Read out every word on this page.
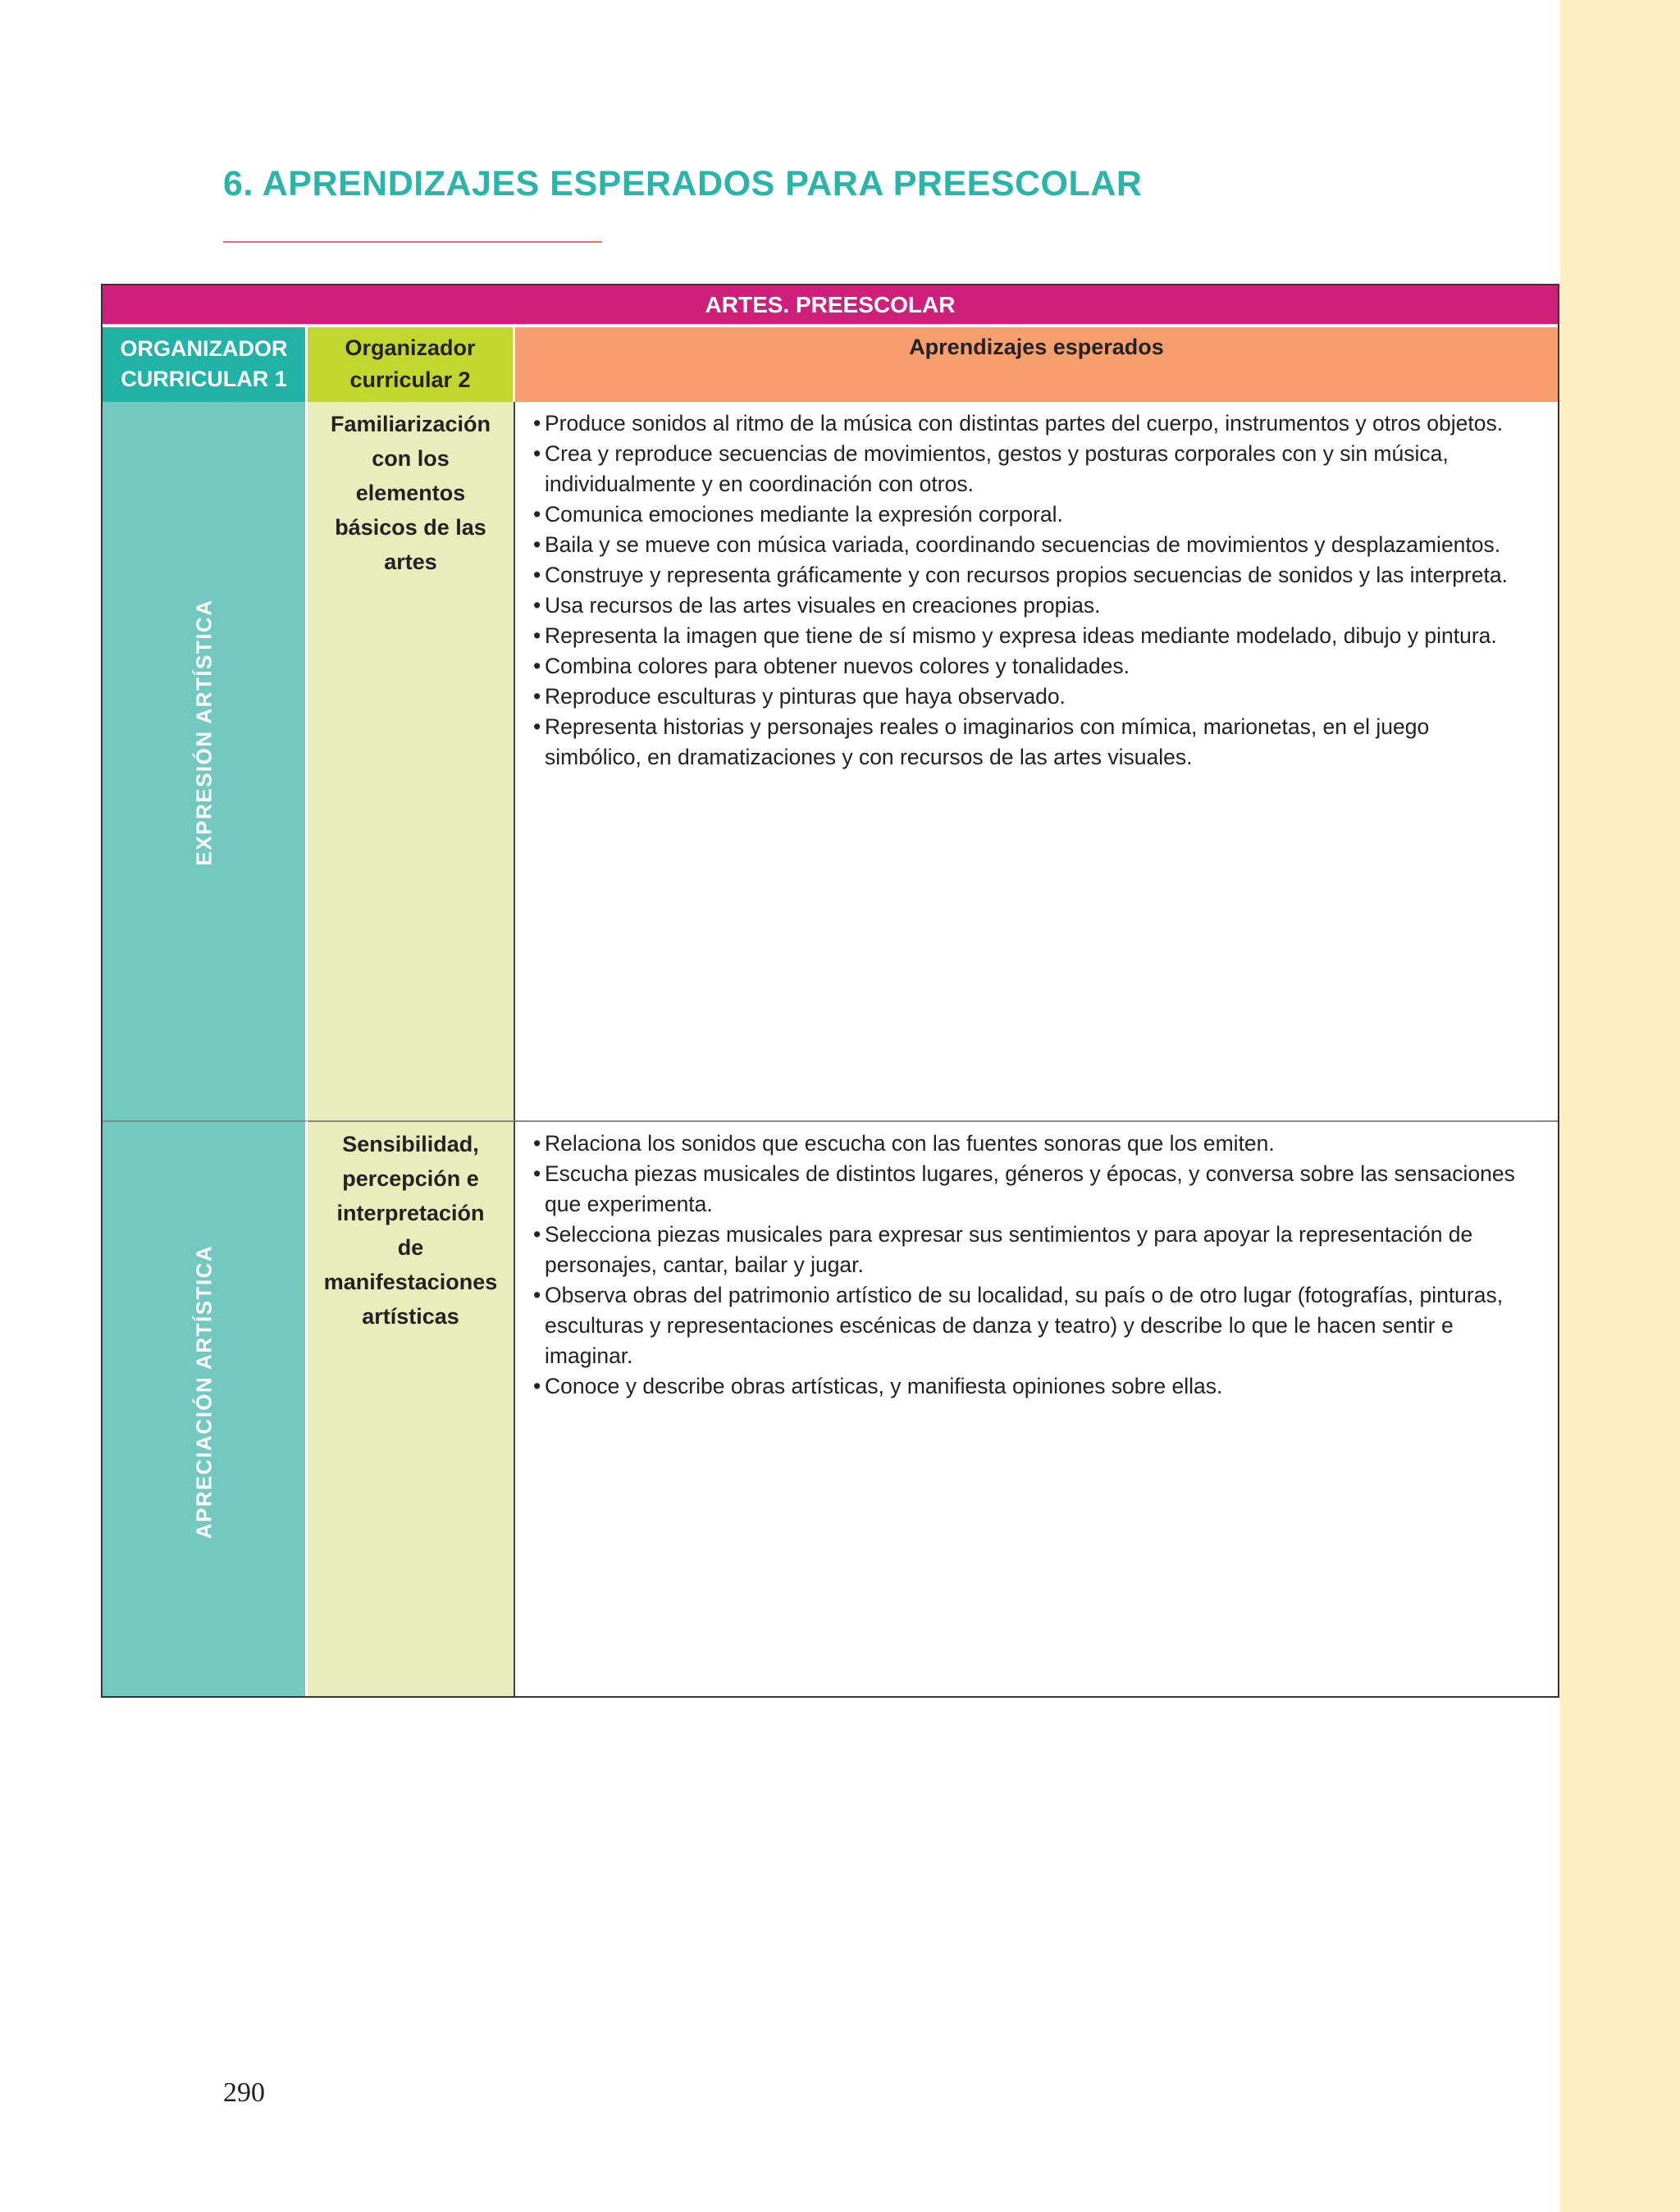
6. APRENDIZAJES ESPERADOS PARA PREESCOLAR
ARTES. PREESCOLAR
ORGANIZADOR
CURRICULAR 1
Organizador
curricular 2
Aprendizajes esperados
EXPRESIÓN ARTÍSTICA
Familiarización
con los
elementos
básicos de las
artes
• Produce sonidos al ritmo de la música con distintas partes del cuerpo, instrumentos y otros objetos.
• Crea y reproduce secuencias de movimientos, gestos y posturas corporales con y sin música, individualmente y en coordinación con otros.
• Comunica emociones mediante la expresión corporal.
• Baila y se mueve con música variada, coordinando secuencias de movimientos y desplazamientos.
• Construye y representa gráficamente y con recursos propios secuencias de sonidos y las interpreta.
• Usa recursos de las artes visuales en creaciones propias.
• Representa la imagen que tiene de sí mismo y expresa ideas mediante modelado, dibujo y pintura.
• Combina colores para obtener nuevos colores y tonalidades.
• Reproduce esculturas y pinturas que haya observado.
• Representa historias y personajes reales o imaginarios con mímica, marionetas, en el juego simbólico, en dramatizaciones y con recursos de las artes visuales.
APRECIACIÓN ARTÍSTICA
Sensibilidad,
percepción e
interpretación
de
manifestaciones
artísticas
• Relaciona los sonidos que escucha con las fuentes sonoras que los emiten.
• Escucha piezas musicales de distintos lugares, géneros y épocas, y conversa sobre las sensaciones que experimenta.
• Selecciona piezas musicales para expresar sus sentimientos y para apoyar la representación de personajes, cantar, bailar y jugar.
• Observa obras del patrimonio artístico de su localidad, su país o de otro lugar (fotografías, pinturas, esculturas y representaciones escénicas de danza y teatro) y describe lo que le hacen sentir e imaginar.
• Conoce y describe obras artísticas, y manifiesta opiniones sobre ellas.
290
